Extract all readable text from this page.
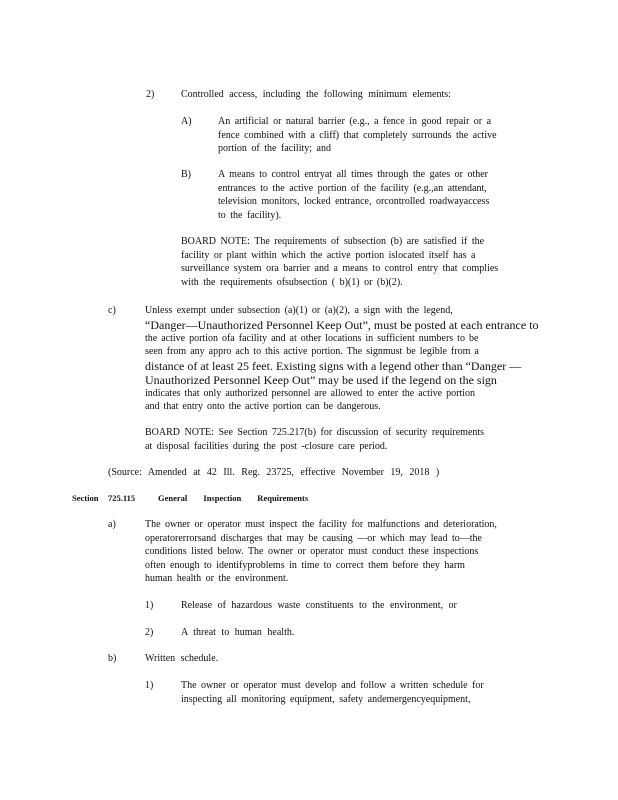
2)	Controlled access, including the following minimum elements:
A)	An artificial or natural barrier (e.g., a fence in good repair or a
fence combined with a cliff) that completely surrounds the active
portion of the facility; and
B)	A means to control entryat all times through the gates or other
entrances to the active portion of the facility (e.g.,an attendant,
television monitors, locked entrance, orcontrolled roadwayaccess
to the facility).
BOARD NOTE: The requirements of subsection (b) are satisfied if the
facility or plant within which the active portion islocated itself has a
surveillance system ora barrier and a means to control entry that complies
with the requirements ofsubsection ( b)(1) or (b)(2).
c)	Unless exempt under subsection (a)(1) or (a)(2), a sign with the legend,
“Danger—Unauthorized Personnel Keep Out”, must be posted at each entrance to
the active portion ofa facility and at other locations in sufficient numbers to be
seen from any appro ach to this active portion. The signmust be legible from a
distance of at least 25 feet. Existing signs with a legend other than “Danger —
Unauthorized Personnel Keep Out” may be used if the legend on the sign
indicates that only authorized personnel are allowed to enter the active portion
and that entry onto the active portion can be dangerous.
BOARD NOTE: See Section 725.217(b) for discussion of security requirements
at disposal facilities during the post -closure care period.
(Source: Amended at 42 Ill. Reg. 23725, effective November 19, 2018 )
Section 725.115	General Inspection Requirements
a)	The owner or operator must inspect the facility for malfunctions and deterioration,
operatorerrorsand discharges that may be causing —or which may lead to—the
conditions listed below. The owner or operator must conduct these inspections
often enough to identifyproblems in time to correct them before they harm
human health or the environment.
1)	Release of hazardous waste constituents to the environment, or
2)	A threat to human health.
b)	Written schedule.
1)	The owner or operator must develop and follow a written schedule for
inspecting all monitoring equipment, safety andemergencyequipment,
